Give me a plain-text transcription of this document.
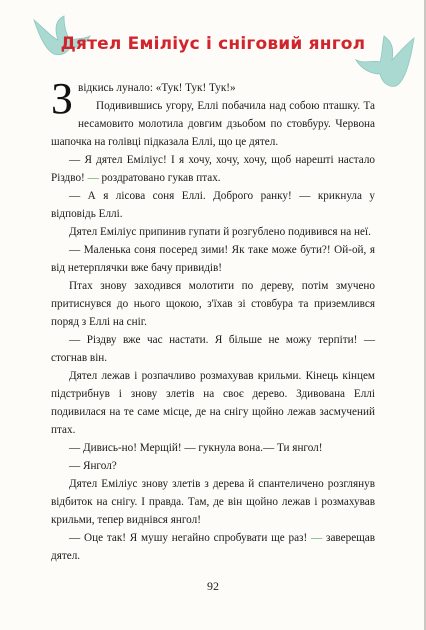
Дятел Еміліус і сніговий янгол

Звідкись лунало: «Тук! Тук! Тук!»

Подивившись угору, Еллі побачила над собою пташку. Та несамовито молотила довгим дзьобом по стовбуру. Червона шапочка на голівці підказала Еллі, що це дятел.

— Я дятел Еміліус! І я хочу, хочу, хочу, щоб нарешті настало Різдво! — роздратовано гукав птах.

— А я лісова соня Еллі. Доброго ранку! — крикнула у відповідь Еллі.

Дятел Еміліус припинив гупати й розгублено подивився на неї.

— Маленька соня посеред зими! Як таке може бути?! Ой-ой, я від нетерплячки вже бачу привидів!

Птах знову заходився молотити по дереву, потім змучено притиснувся до нього щокою, з'їхав зі стовбура та приземлився поряд з Еллі на сніг.

— Різдву вже час настати. Я більше не можу терпіти! — стогнав він.

Дятел лежав і розпачливо розмахував крильми. Кінець кінцем підстрибнув і знову злетів на своє дерево. Здивована Еллі подивилася на те саме місце, де на снігу щойно лежав засмучений птах.

— Дивись-но! Мерщій! — гукнула вона.— Ти янгол!

— Янгол?

Дятел Еміліус знову злетів з дерева й спантеличено розглянув відбиток на снігу. І правда. Там, де він щойно лежав і розмахував крильми, тепер виднівся янгол!

— Оце так! Я мушу негайно спробувати ще раз! — заверещав дятел.

92
